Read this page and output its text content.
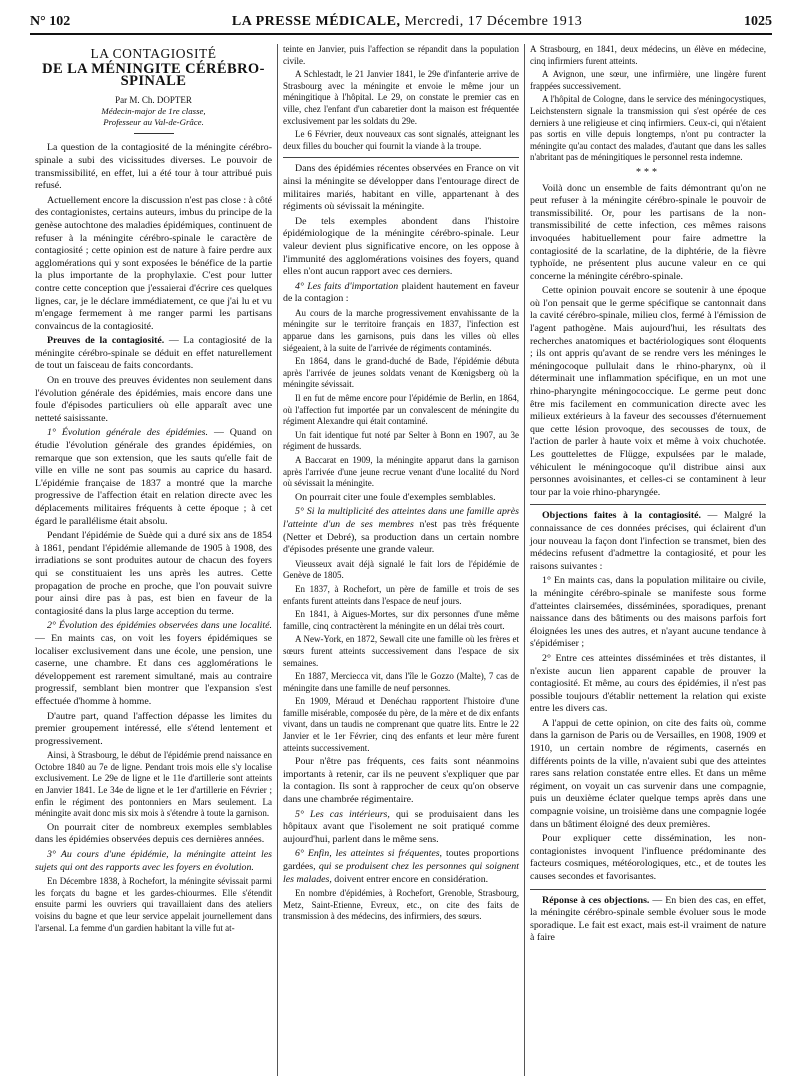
N° 102	LA PRESSE MÉDICALE, Mercredi, 17 Décembre 1913	1025
LA CONTAGIOSITÉ
DE LA MÉNINGITE CÉRÉBRO-SPINALE
Par M. Ch. DOPTER
Médecin-major de 1re classe,
Professeur au Val-de-Grâce.

La question de la contagiosité de la méningite cérébro-spinale a subi des vicissitudes diverses. Le pouvoir de transmissibilité, en effet, lui a été tour à tour attribué puis refusé.

Actuellement encore la discussion n'est pas close : à côté des contagionistes, certains auteurs, imbus du principe de la genèse autochtone des maladies épidémiques, continuent de refuser à la méningite cérébro-spinale le caractère de contagiosité ; cette opinion est de nature à faire perdre aux agglomérations qui y sont exposées le bénéfice de la partie la plus importante de la prophylaxie. C'est pour lutter contre cette conception que j'essaierai d'écrire ces quelques lignes, car, je le déclare immédiatement, ce que j'ai lu et vu m'engage fermement à me ranger parmi les partisans convaincus de la contagiosité.

Preuves de la contagiosité. — La contagiosité de la méningite cérébro-spinale se déduit en effet naturellement de tout un faisceau de faits concordants.

On en trouve des preuves évidentes non seulement dans l'évolution générale des épidémies, mais encore dans une foule d'épisodes particuliers où elle apparaît avec une netteté saisissante.

1° Évolution générale des épidémies. — Quand on étudie l'évolution générale des grandes épidémies, on remarque que son extension, que les sauts qu'elle fait de ville en ville ne sont pas soumis au caprice du hasard. L'épidémie française de 1837 a montré que la marche progressive de l'affection était en relation directe avec les déplacements militaires fréquents à cette époque ; à cet égard le parallélisme était absolu.

Pendant l'épidémie de Suède qui a duré six ans de 1854 à 1861, pendant l'épidémie allemande de 1905 à 1908, des irradiations se sont produites autour de chacun des foyers qui se constituaient les uns après les autres. Cette propagation de proche en proche, que l'on pouvait suivre pour ainsi dire pas à pas, est bien en faveur de la contagiosité dans la plus large acception du terme.

2° Évolution des épidémies observées dans une localité. — En maints cas, on voit les foyers épidémiques se localiser exclusivement dans une école, une pension, une caserne, une chambre. Et dans ces agglomérations le développement est rarement simultané, mais au contraire progressif, semblant bien montrer que l'expansion s'est effectuée d'homme à homme.

D'autre part, quand l'affection dépasse les limites du premier groupement intéressé, elle s'étend lentement et progressivement.

Ainsi, à Strasbourg, le début de l'épidémie prend naissance en Octobre 1840 au 7e de ligne. Pendant trois mois elle s'y localise exclusivement. Le 29e de ligne et le 11e d'artillerie sont atteints en Janvier 1841. Le 34e de ligne et le 1er d'artillerie en Février ; enfin le régiment des pontonniers en Mars seulement. La méningite avait donc mis six mois à s'étendre à toute la garnison.

On pourrait citer de nombreux exemples semblables dans les épidémies observées depuis ces dernières années.

3° Au cours d'une épidémie, la méningite atteint les sujets qui ont des rapports avec les foyers en évolution.

En Décembre 1838, à Rochefort, la méningite sévissait parmi les forçats du bagne et les gardes-chiourmes. Elle s'étendit ensuite parmi les ouvriers qui travaillaient dans des ateliers voisins du bagne et que leur service appelait journellement dans l'arsenal. La femme d'un gardien habitant la ville fut at-

teinte en Janvier, puis l'affection se répandit dans la population civile.

A Schlestadt, le 21 Janvier 1841, le 29e d'infanterie arrive de Strasbourg avec la méningite et envoie le même jour un méningitique à l'hôpital. Le 29, on constate le premier cas en ville, chez l'enfant d'un cabaretier dont la maison est fréquentée exclusivement par les soldats du 29e.

Le 6 Février, deux nouveaux cas sont signalés, atteignant les deux filles du boucher qui fournit la viande à la troupe.

Dans des épidémies récentes observées en France on vit ainsi la méningite se développer dans l'entourage direct de militaires mariés, habitant en ville, appartenant à des régiments où sévissait la méningite.

De tels exemples abondent dans l'histoire épidémiologique de la méningite cérébro-spinale. Leur valeur devient plus significative encore, on les oppose à l'immunité des agglomérations voisines des foyers, quand elles n'ont aucun rapport avec ces derniers.

4° Les faits d'importation plaident hautement en faveur de la contagion :

Au cours de la marche progressivement envahissante de la méningite sur le territoire français en 1837, l'infection est apparue dans les garnisons, puis dans les villes où elles siégeaient, à la suite de l'arrivée de régiments contaminés.

En 1864, dans le grand-duché de Bade, l'épidémie débuta après l'arrivée de jeunes soldats venant de Kœnigsberg où la méningite sévissait.

Il en fut de même encore pour l'épidémie de Berlin, en 1864, où l'affection fut importée par un convalescent de méningite du régiment Alexandre qui était contaminé.

Un fait identique fut noté par Selter à Bonn en 1907, au 3e régiment de hussards.

A Baccarat en 1909, la méningite apparut dans la garnison après l'arrivée d'une jeune recrue venant d'une localité du Nord où sévissait la méningite.

On pourrait citer une foule d'exemples semblables.

5° Si la multiplicité des atteintes dans une famille après l'atteinte d'un de ses membres n'est pas très fréquente (Netter et Debré), sa production dans un certain nombre d'épisodes présente une grande valeur.

Vieusseux avait déjà signalé le fait lors de l'épidémie de Genève de 1805.

En 1837, à Rochefort, un père de famille et trois de ses enfants furent atteints dans l'espace de neuf jours.

En 1841, à Aigues-Mortes, sur dix personnes d'une même famille, cinq contractèrent la méningite en un délai très court.

A New-York, en 1872, Sewall cite une famille où les frères et sœurs furent atteints successivement dans l'espace de six semaines.

En 1887, Merciecca vit, dans l'île le Gozzo (Malte), 7 cas de méningite dans une famille de neuf personnes.

En 1909, Méraud et Denéchau rapportent l'histoire d'une famille misérable, composée du père, de la mère et de dix enfants vivant, dans un taudis ne comprenant que quatre lits. Entre le 22 Janvier et le 1er Février, cinq des enfants et leur mère furent atteints successivement.

Pour n'être pas fréquents, ces faits sont néanmoins importants à retenir, car ils ne peuvent s'expliquer que par la contagion. Ils sont à rapprocher de ceux qu'on observe dans une chambrée régimentaire.

5° Les cas intérieurs, qui se produisaient dans les hôpitaux avant que l'isolement ne soit pratiqué comme aujourd'hui, parlent dans le même sens.

6° Enfin, les atteintes si fréquentes, toutes proportions gardées, qui se produisent chez les personnes qui soignent les malades, doivent entrer encore en considération.

En nombre d'épidémies, à Rochefort, Grenoble, Strasbourg, Metz, Saint-Etienne, Evreux, etc., on cite des faits de transmission à des médecins, des infirmiers, des sœurs.

A Strasbourg, en 1841, deux médecins, un élève en médecine, cinq infirmiers furent atteints.

A Avignon, une sœur, une infirmière, une lingère furent frappées successivement.

A l'hôpital de Cologne, dans le service des méningocystiques, Leichstenstern signale la transmission qui s'est opérée de ces derniers à une religieuse et cinq infirmiers. Ceux-ci, qui n'étaient pas sortis en ville depuis longtemps, n'ont pu contracter la méningite qu'au contact des malades, d'autant que dans les salles n'abritant pas de méningitiques le personnel resta indemne.

***

Voilà donc un ensemble de faits démontrant qu'on ne peut refuser à la méningite cérébro-spinale le pouvoir de transmissibilité. Or, pour les partisans de la non-transmissibilité de cette infection, ces mêmes raisons invoquées habituellement pour faire admettre la contagiosité de la scarlatine, de la diphtérie, de la fièvre typhoïde, ne présentent plus aucune valeur en ce qui concerne la méningite cérébro-spinale.

Cette opinion pouvait encore se soutenir à une époque où l'on pensait que le germe spécifique se cantonnait dans la cavité cérébro-spinale, milieu clos, fermé à l'émission de l'agent pathogène. Mais aujourd'hui, les résultats des recherches anatomiques et bactériologiques sont éloquents ; ils ont appris qu'avant de se rendre vers les méninges le méningocoque pullulait dans le rhino-pharynx, où il déterminait une inflammation spécifique, en un mot une rhino-pharyngite méningococcique. Le germe peut donc être mis facilement en communication directe avec les milieux extérieurs à la faveur des secousses d'éternuement que cette lésion provoque, des secousses de toux, de l'action de parler à haute voix et même à voix chuchotée. Les gouttelettes de Flügge, expulsées par le malade, véhiculent le méningocoque qu'il distribue ainsi aux personnes avoisinantes, et celles-ci se contaminent à leur tour par la voie rhino-pharyngée.

Objections faites à la contagiosité. — Malgré la connaissance de ces données précises, qui éclairent d'un jour nouveau la façon dont l'infection se transmet, bien des médecins refusent d'admettre la contagiosité, et pour les raisons suivantes :

1° En maints cas, dans la population militaire ou civile, la méningite cérébro-spinale se manifeste sous forme d'atteintes clairsemées, disséminées, sporadiques, prenant naissance dans des bâtiments ou des maisons parfois fort éloignées les unes des autres, et n'ayant aucune tendance à s'épidémiser ;

2° Entre ces atteintes disséminées et très distantes, il n'existe aucun lien apparent capable de prouver la contagiosité. Et même, au cours des épidémies, il n'est pas possible toujours d'établir nettement la relation qui existe entre les divers cas.

A l'appui de cette opinion, on cite des faits où, comme dans la garnison de Paris ou de Versailles, en 1908, 1909 et 1910, un certain nombre de régiments, casernés en différents points de la ville, n'avaient subi que des atteintes rares sans relation constatée entre elles. Et dans un même régiment, on voyait un cas survenir dans une compagnie, puis un deuxième éclater quelque temps après dans une compagnie voisine, un troisième dans une compagnie logée dans un bâtiment éloigné des deux premières.

Pour expliquer cette dissémination, les non-contagionistes invoquent l'influence prédominante des facteurs cosmiques, météorologiques, etc., et de toutes les causes secondes et favorisantes.

Réponse à ces objections. — En bien des cas, en effet, la méningite cérébro-spinale semble évoluer sous le mode sporadique. Le fait est exact, mais est-il vraiment de nature à faire
